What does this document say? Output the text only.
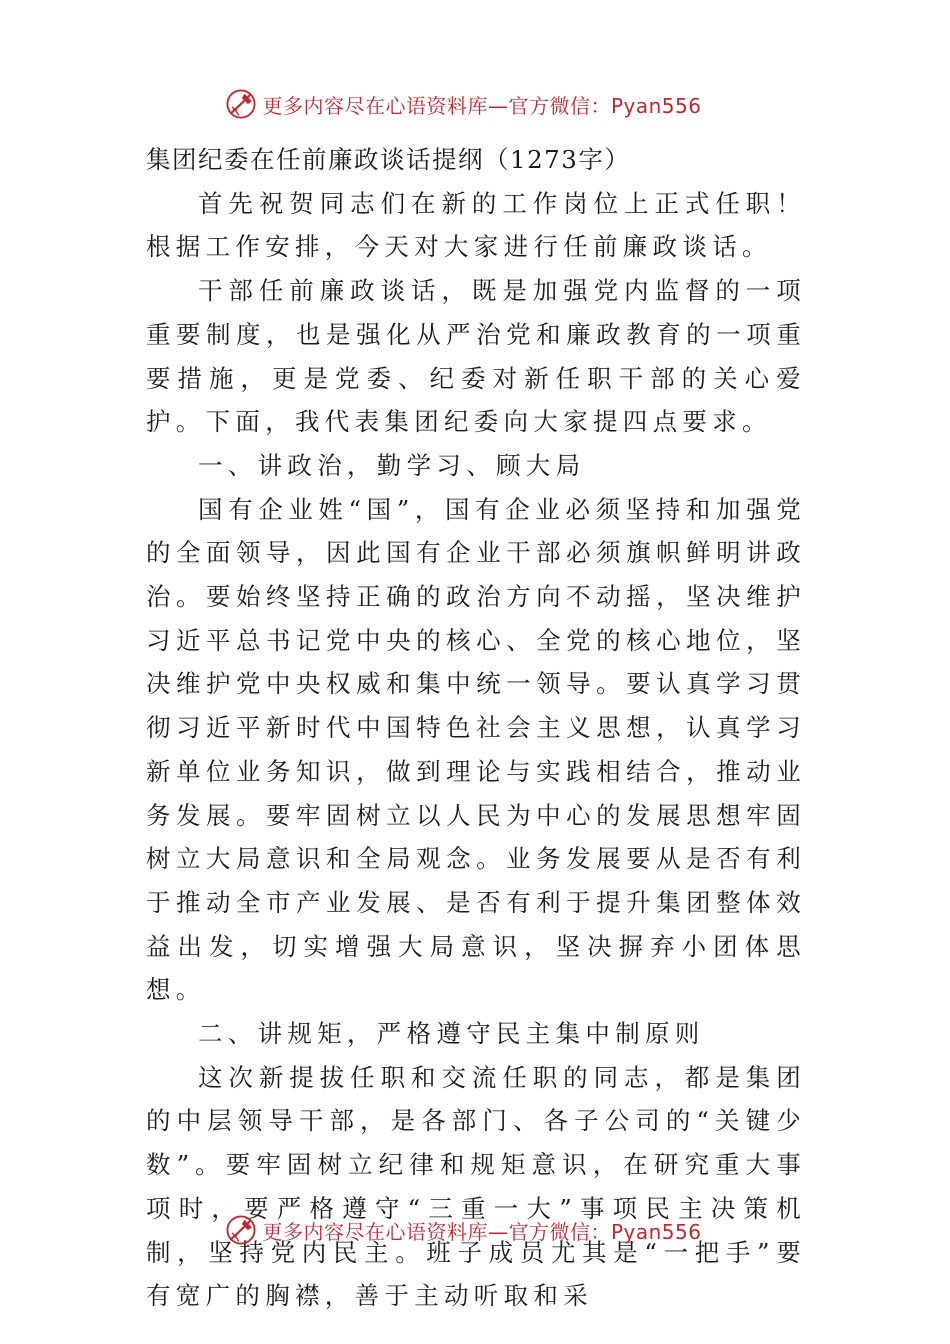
更多内容尽在心语资料库—官方微信：Pyan556

集团纪委在任前廉政谈话提纲（1273字）

首先祝贺同志们在新的工作岗位上正式任职！根据工作安排，今天对大家进行任前廉政谈话。

干部任前廉政谈话，既是加强党内监督的一项重要制度，也是强化从严治党和廉政教育的一项重要措施，更是党委、纪委对新任职干部的关心爱护。下面，我代表集团纪委向大家提四点要求。

一、讲政治，勤学习、顾大局

国有企业姓“国”，国有企业必须坚持和加强党的全面领导，因此国有企业干部必须旗帜鲜明讲政治。要始终坚持正确的政治方向不动摇，坚决维护习近平总书记党中央的核心、全党的核心地位，坚决维护党中央权威和集中统一领导。要认真学习贯彻习近平新时代中国特色社会主义思想，认真学习新单位业务知识，做到理论与实践相结合，推动业务发展。要牢固树立以人民为中心的发展思想牢固树立大局意识和全局观念。业务发展要从是否有利于推动全市产业发展、是否有利于提升集团整体效益出发，切实增强大局意识，坚决摒弃小团体思想。

二、讲规矩，严格遵守民主集中制原则

这次新提拔任职和交流任职的同志，都是集团的中层领导干部，是各部门、各子公司的“关键少数”。要牢固树立纪律和规矩意识，在研究重大事项时，要严格遵守“三重一大”事项民主决策机制，坚持党内民主。班子成员尤其是“一把手”要有宽广的胸襟，善于主动听取和采

更多内容尽在心语资料库—官方微信：Pyan556
